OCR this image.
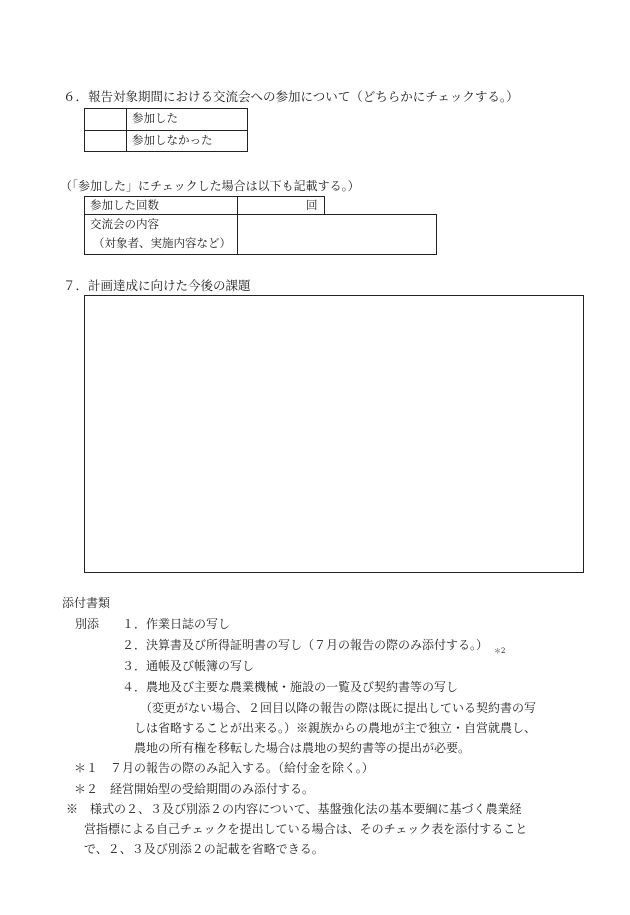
６．報告対象期間における交流会への参加について（どちらかにチェックする。）
参加した
参加しなかった
（「参加した」にチェックした場合は以下も記載する。）
参加した回数	回
交流会の内容
（対象者、実施内容など）
７．計画達成に向けた今後の課題
添付書類
別添 １．作業日誌の写し
２．決算書及び所得証明書の写し（７月の報告の際のみ添付する。） $_{*2}$
３．通帳及び帳簿の写し
４．農地及び主要な農業機械・施設の一覧及び契約書等の写し
（変更がない場合、２回目以降の報告の際は既に提出している契約書の写
しは省略することが出来る。）※親族からの農地が主で独立・自営就農し、
農地の所有権を移転した場合は農地の契約書等の提出が必要。
＊１　７月の報告の際のみ記入する。（給付金を除く。）
＊２　経営開始型の受給期間のみ添付する。
※　様式の２、３及び別添２の内容について、基盤強化法の基本要綱に基づく農業経
営指標による自己チェックを提出している場合は、そのチェック表を添付すること
で、２、３及び別添２の記載を省略できる。
